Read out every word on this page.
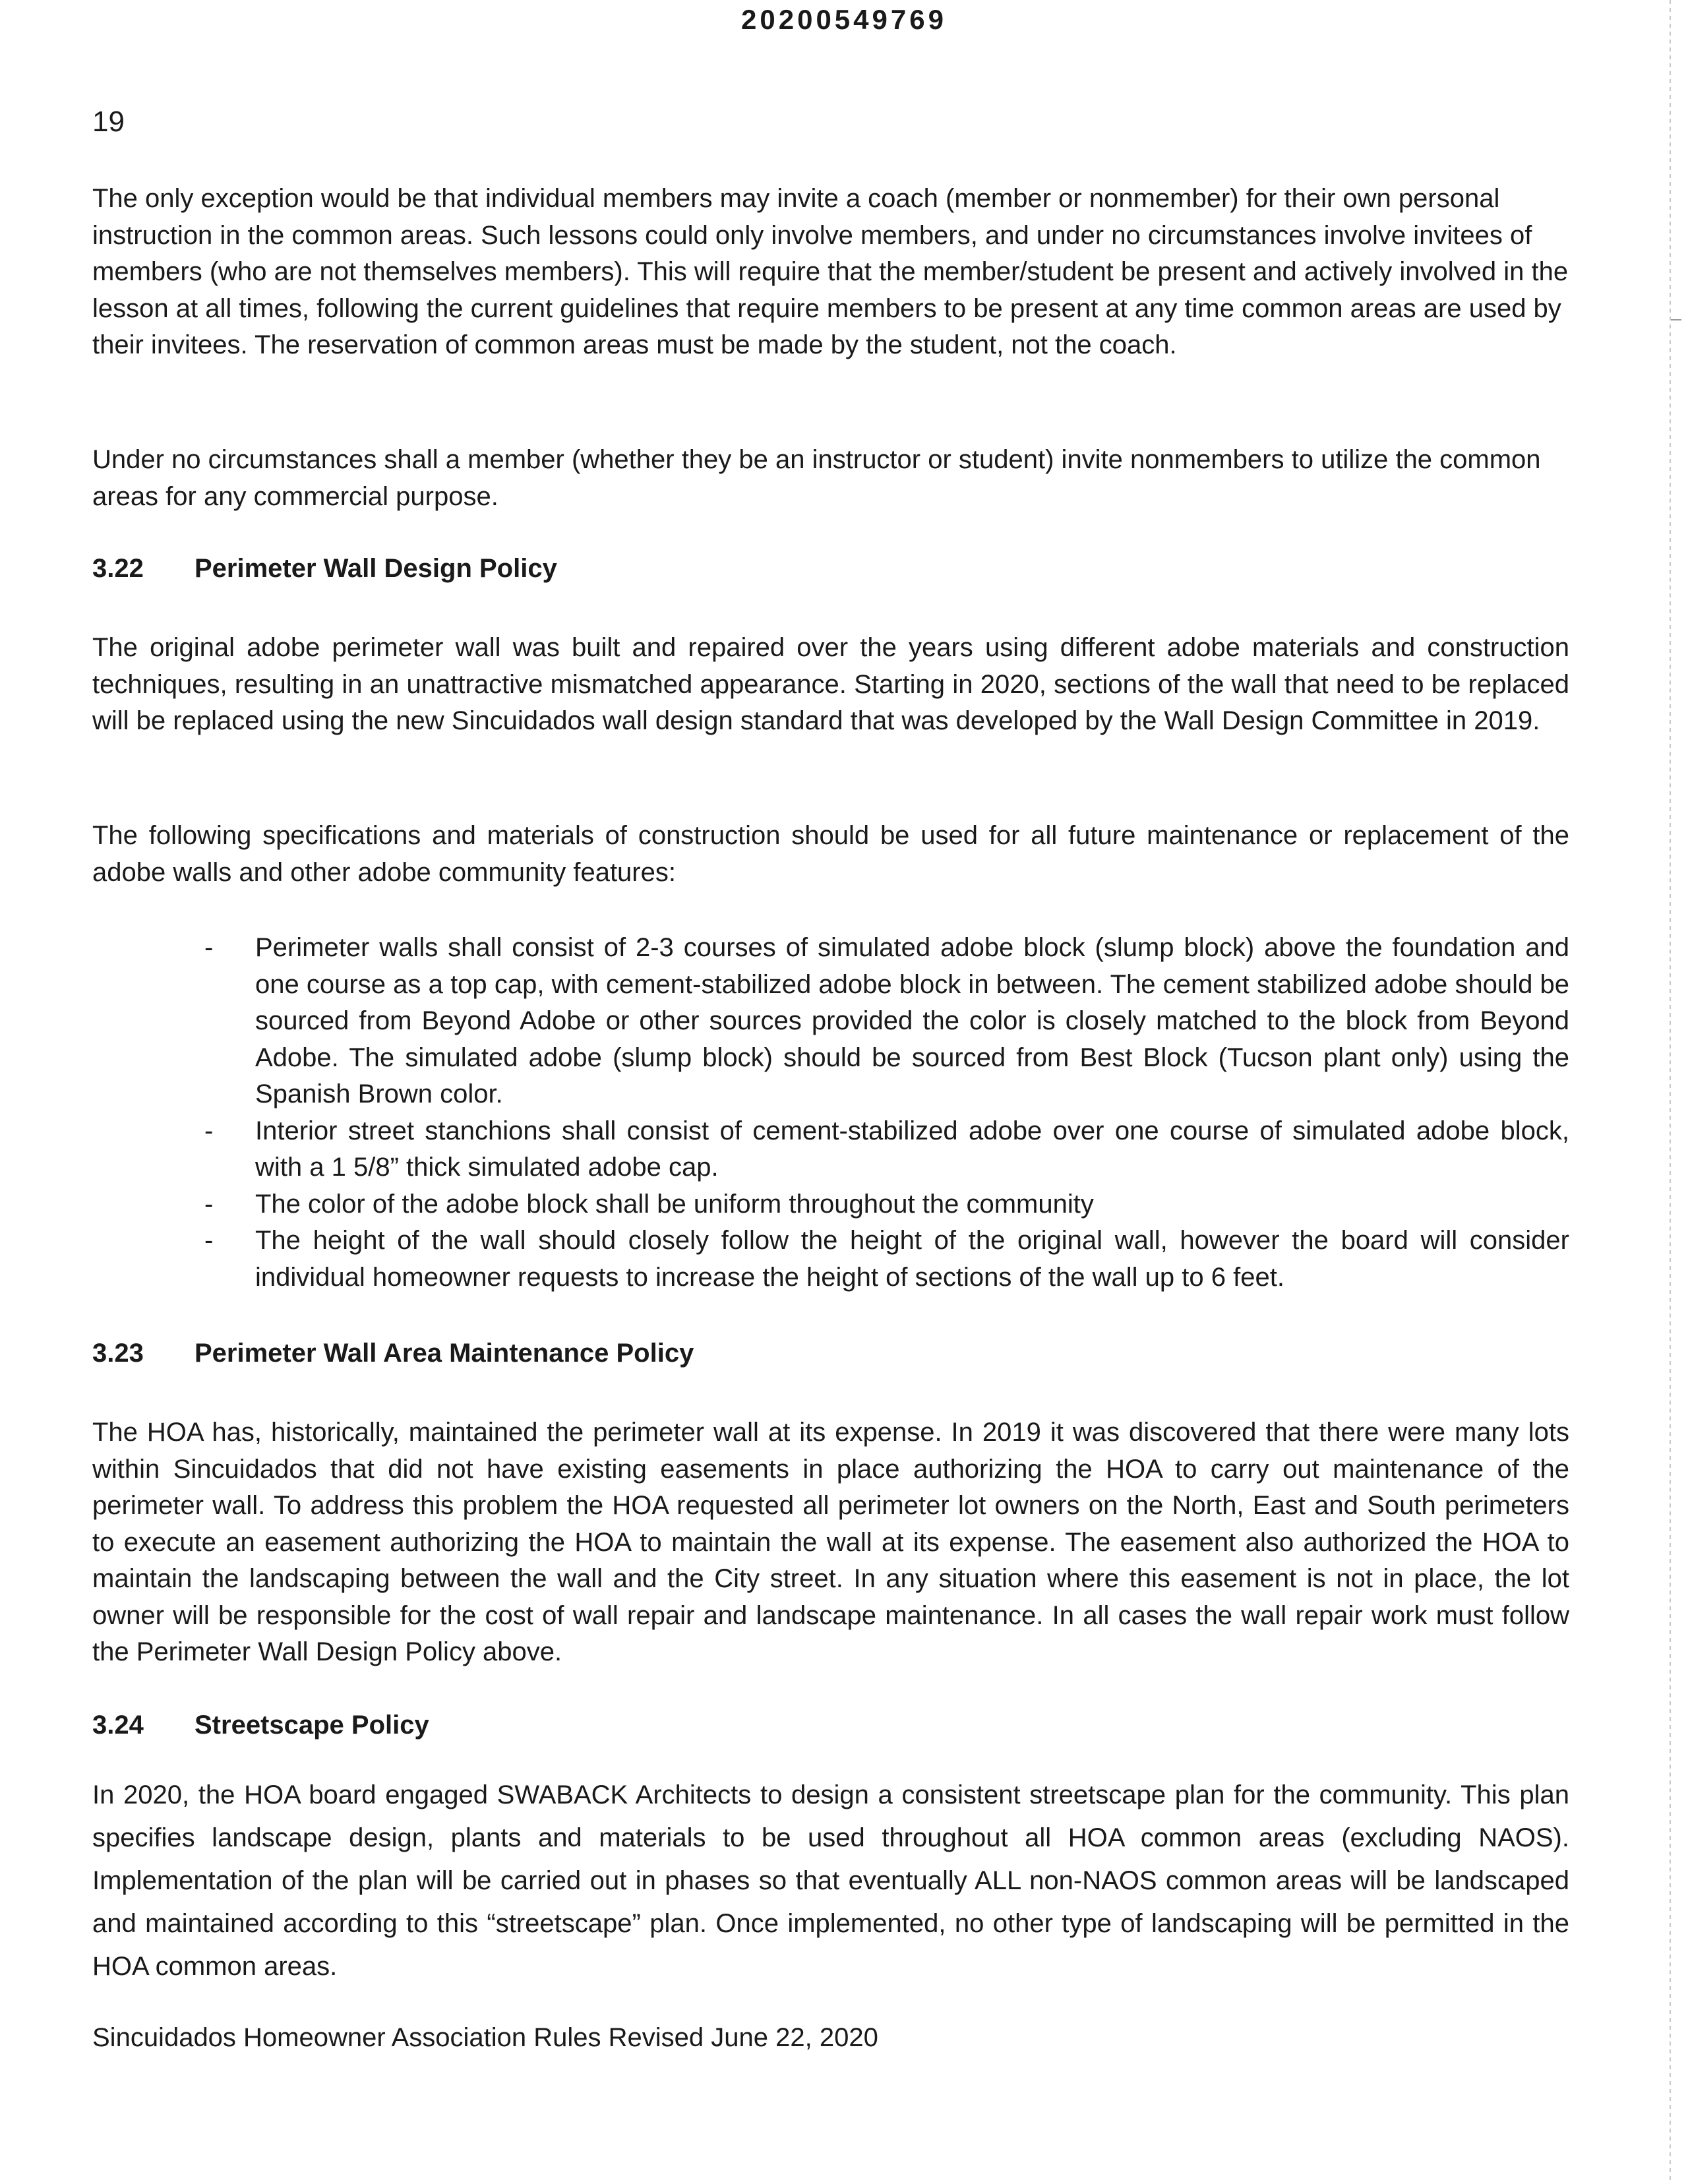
20200549769
19

The only exception would be that individual members may invite a coach (member or nonmember) for their own personal instruction in the common areas. Such lessons could only involve members, and under no circumstances involve invitees of members (who are not themselves members). This will require that the member/student be present and actively involved in the lesson at all times, following the current guidelines that require members to be present at any time common areas are used by their invitees. The reservation of common areas must be made by the student, not the coach.

Under no circumstances shall a member (whether they be an instructor or student) invite nonmembers to utilize the common areas for any commercial purpose.

3.22 Perimeter Wall Design Policy

The original adobe perimeter wall was built and repaired over the years using different adobe materials and construction techniques, resulting in an unattractive mismatched appearance. Starting in 2020, sections of the wall that need to be replaced will be replaced using the new Sincuidados wall design standard that was developed by the Wall Design Committee in 2019.

The following specifications and materials of construction should be used for all future maintenance or replacement of the adobe walls and other adobe community features:

- Perimeter walls shall consist of 2-3 courses of simulated adobe block (slump block) above the foundation and one course as a top cap, with cement-stabilized adobe block in between. The cement stabilized adobe should be sourced from Beyond Adobe or other sources provided the color is closely matched to the block from Beyond Adobe. The simulated adobe (slump block) should be sourced from Best Block (Tucson plant only) using the Spanish Brown color.
- Interior street stanchions shall consist of cement-stabilized adobe over one course of simulated adobe block, with a 1 5/8” thick simulated adobe cap.
- The color of the adobe block shall be uniform throughout the community
- The height of the wall should closely follow the height of the original wall, however the board will consider individual homeowner requests to increase the height of sections of the wall up to 6 feet.
3.23 Perimeter Wall Area Maintenance Policy

The HOA has, historically, maintained the perimeter wall at its expense. In 2019 it was discovered that there were many lots within Sincuidados that did not have existing easements in place authorizing the HOA to carry out maintenance of the perimeter wall. To address this problem the HOA requested all perimeter lot owners on the North, East and South perimeters to execute an easement authorizing the HOA to maintain the wall at its expense. The easement also authorized the HOA to maintain the landscaping between the wall and the City street. In any situation where this easement is not in place, the lot owner will be responsible for the cost of wall repair and landscape maintenance. In all cases the wall repair work must follow the Perimeter Wall Design Policy above.

3.24 Streetscape Policy

In 2020, the HOA board engaged SWABACK Architects to design a consistent streetscape plan for the community. This plan specifies landscape design, plants and materials to be used throughout all HOA common areas (excluding NAOS). Implementation of the plan will be carried out in phases so that eventually ALL non-NAOS common areas will be landscaped and maintained according to this “streetscape” plan. Once implemented, no other type of landscaping will be permitted in the HOA common areas.

Sincuidados Homeowner Association Rules Revised June 22, 2020
